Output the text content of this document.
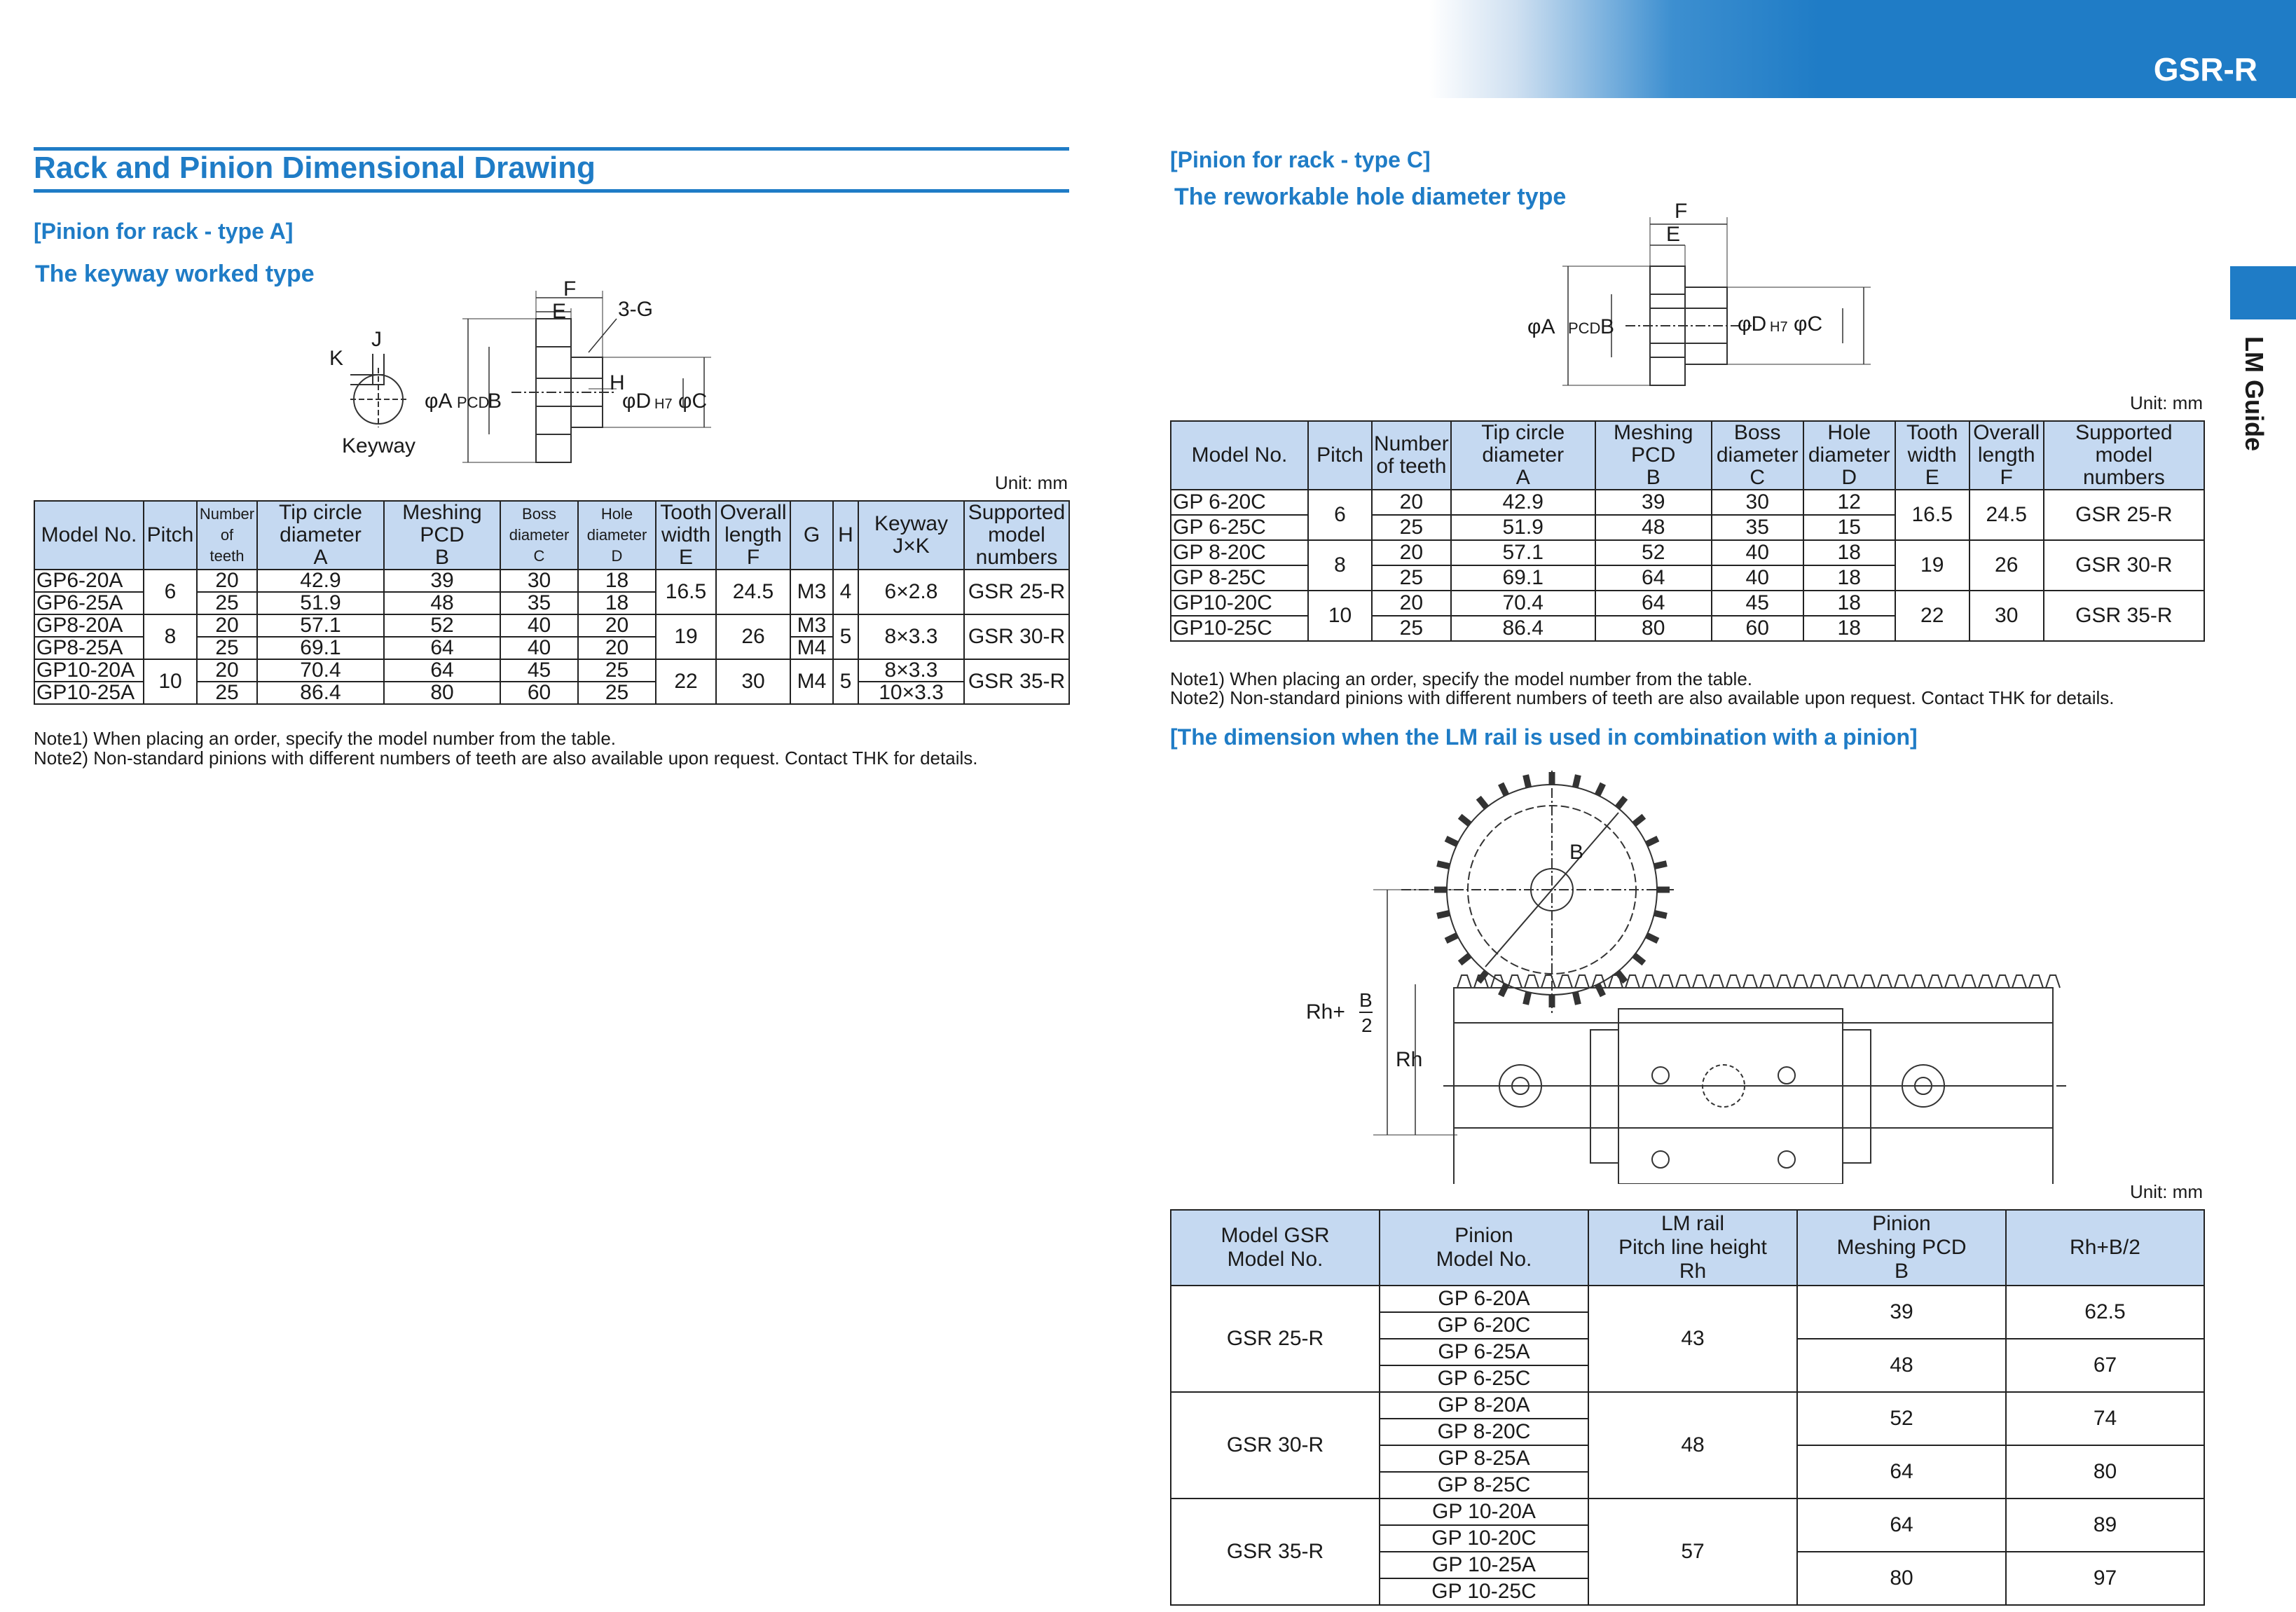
GSR-R
LM Guide
Rack and Pinion Dimensional Drawing
[Pinion for rack - type A]
The keyway worked type
K
J
Keyway
F
E 3-G
H
φA PCD
B	φD H7 φC
Unit: mm
Model No.	Pitch	Number
of
teeth	Tip circle
diameter
A	Meshing
PCD
B	Boss
diameter
C	Hole
diameter
D	Tooth
width
E	Overall
length
F	G	H	Keyway
J×K	Supported
model
numbers
GP6-20A	6	20	42.9	39	30	18	16.5	24.5	M3	4	6×2.8	GSR 25-R
GP6-25A		25	51.9	48	35	18						
GP8-20A	8	20	57.1	52	40	20	19	26	M3	5	8×3.3	GSR 30-R
GP8-25A		25	69.1	64	40	20			M4			
GP10-20A	10	20	70.4	64	45	25	22	30	M4	5	8×3.3	GSR 35-R
GP10-25A		25	86.4	80	60	25					10×3.3	
Note1) When placing an order, specify the model number from the table.
Note2) Non-standard pinions with different numbers of teeth are also available upon request. Contact THK for details.
[Pinion for rack - type C]
The reworkable hole diameter type
F
E
φA PCD B	φD H7 φC
Unit: mm
Model No.	Pitch	Number
of teeth	Tip circle
diameter
A	Meshing
PCD
B	Boss
diameter
C	Hole
diameter
D	Tooth
width
E	Overall
length
F	Supported
model
numbers
GP 6-20C	6	20	42.9	39	30	12	16.5	24.5	GSR 25-R
GP 6-25C		25	51.9	48	35	15			
GP 8-20C	8	20	57.1	52	40	18	19	26	GSR 30-R
GP 8-25C		25	69.1	64	40	18			
GP10-20C	10	20	70.4	64	45	18	22	30	GSR 35-R
GP10-25C		25	86.4	80	60	18			
Note1) When placing an order, specify the model number from the table.
Note2) Non-standard pinions with different numbers of teeth are also available upon request. Contact THK for details.
[The dimension when the LM rail is used in combination with a pinion]
B
Rh+
B
2
Rh
Unit: mm
Model GSR
Model No.	Pinion
Model No.	LM rail
Pitch line height
Rh	Pinion
Meshing PCD
B	Rh+B/2
GSR 25-R	GP 6-20A	43	39	62.5
	GP 6-20C			
	GP 6-25A		48	67
	GP 6-25C			
GSR 30-R	GP 8-20A	48	52	74
	GP 8-20C			
	GP 8-25A		64	80
	GP 8-25C			
GSR 35-R	GP 10-20A	57	64	89
	GP 10-20C			
	GP 10-25A		80	97
	GP 10-25C			
